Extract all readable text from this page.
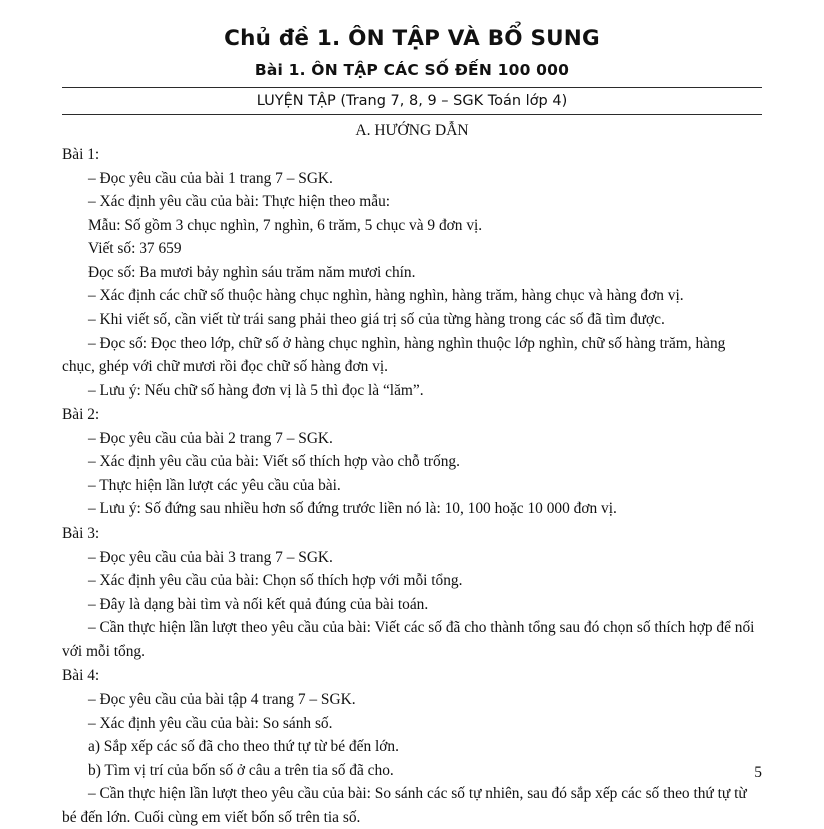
Chủ đề 1. ÔN TẬP VÀ BỔ SUNG
Bài 1. ÔN TẬP CÁC SỐ ĐẾN 100 000
LUYỆN TẬP (Trang 7, 8, 9 – SGK Toán lớp 4)
A. HƯỚNG DẪN

Bài 1:

– Đọc yêu cầu của bài 1 trang 7 – SGK.

– Xác định yêu cầu của bài: Thực hiện theo mẫu:

Mẫu: Số gồm 3 chục nghìn, 7 nghìn, 6 trăm, 5 chục và 9 đơn vị.

Viết số: 37 659

Đọc số: Ba mươi bảy nghìn sáu trăm năm mươi chín.

– Xác định các chữ số thuộc hàng chục nghìn, hàng nghìn, hàng trăm, hàng chục và hàng đơn vị.

– Khi viết số, cần viết từ trái sang phải theo giá trị số của từng hàng trong các số đã tìm được.

– Đọc số: Đọc theo lớp, chữ số ở hàng chục nghìn, hàng nghìn thuộc lớp nghìn, chữ số hàng trăm, hàng chục, ghép với chữ mươi rồi đọc chữ số hàng đơn vị.

– Lưu ý: Nếu chữ số hàng đơn vị là 5 thì đọc là “lăm”.

Bài 2:

– Đọc yêu cầu của bài 2 trang 7 – SGK.

– Xác định yêu cầu của bài: Viết số thích hợp vào chỗ trống.

– Thực hiện lần lượt các yêu cầu của bài.

– Lưu ý: Số đứng sau nhiều hơn số đứng trước liền nó là: 10, 100 hoặc 10 000 đơn vị.

Bài 3:

– Đọc yêu cầu của bài 3 trang 7 – SGK.

– Xác định yêu cầu của bài: Chọn số thích hợp với mỗi tổng.

– Đây là dạng bài tìm và nối kết quả đúng của bài toán.

– Cần thực hiện lần lượt theo yêu cầu của bài: Viết các số đã cho thành tổng sau đó chọn số thích hợp để nối với mỗi tổng.

Bài 4:

– Đọc yêu cầu của bài tập 4 trang 7 – SGK.

– Xác định yêu cầu của bài: So sánh số.

a) Sắp xếp các số đã cho theo thứ tự từ bé đến lớn.

b) Tìm vị trí của bốn số ở câu a trên tia số đã cho.

– Cần thực hiện lần lượt theo yêu cầu của bài: So sánh các số tự nhiên, sau đó sắp xếp các số theo thứ tự từ bé đến lớn. Cuối cùng em viết bốn số trên tia số.

5
